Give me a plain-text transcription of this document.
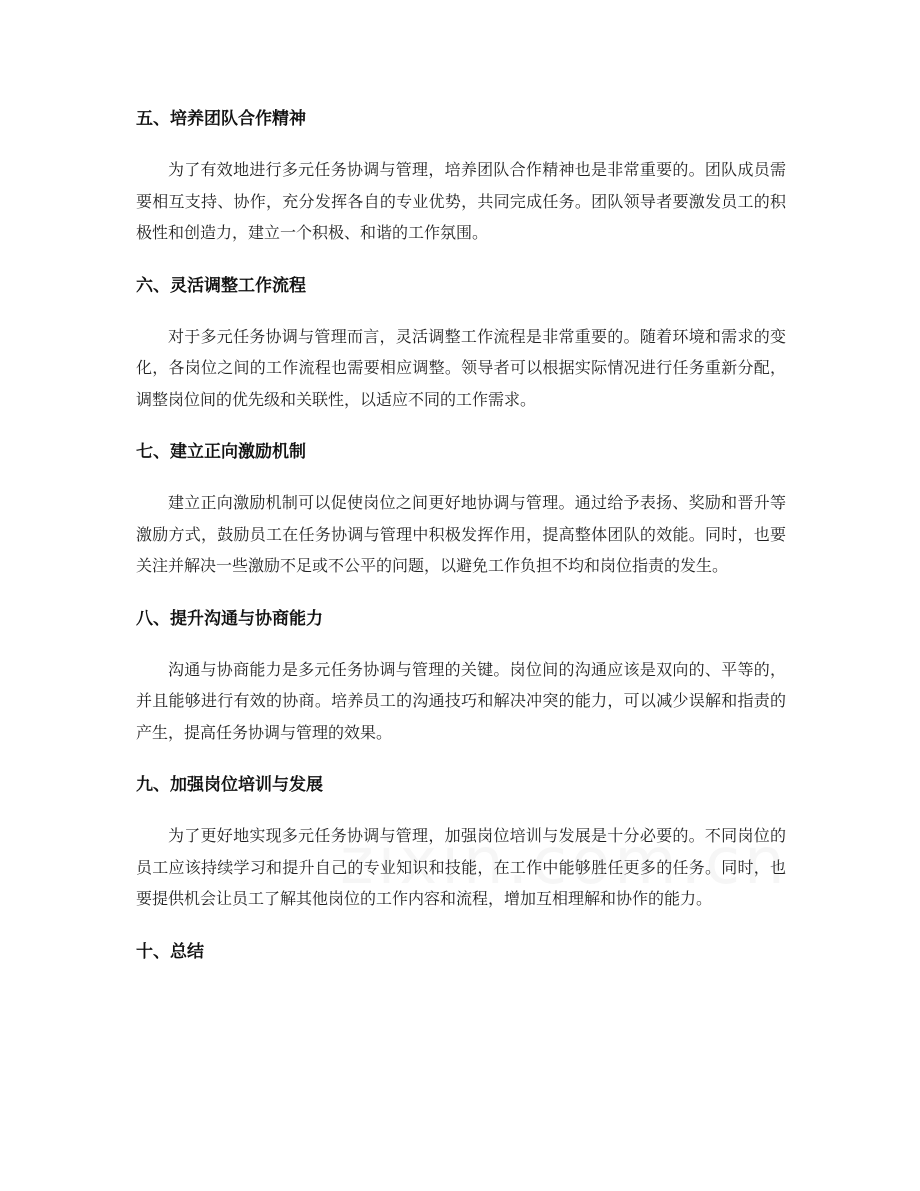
五、培养团队合作精神

为了有效地进行多元任务协调与管理，培养团队合作精神也是非常重要的。团队成员需要相互支持、协作，充分发挥各自的专业优势，共同完成任务。团队领导者要激发员工的积极性和创造力，建立一个积极、和谐的工作氛围。

六、灵活调整工作流程

对于多元任务协调与管理而言，灵活调整工作流程是非常重要的。随着环境和需求的变化，各岗位之间的工作流程也需要相应调整。领导者可以根据实际情况进行任务重新分配，调整岗位间的优先级和关联性，以适应不同的工作需求。

七、建立正向激励机制

建立正向激励机制可以促使岗位之间更好地协调与管理。通过给予表扬、奖励和晋升等激励方式，鼓励员工在任务协调与管理中积极发挥作用，提高整体团队的效能。同时，也要关注并解决一些激励不足或不公平的问题，以避免工作负担不均和岗位指责的发生。

八、提升沟通与协商能力

沟通与协商能力是多元任务协调与管理的关键。岗位间的沟通应该是双向的、平等的，并且能够进行有效的协商。培养员工的沟通技巧和解决冲突的能力，可以减少误解和指责的产生，提高任务协调与管理的效果。

九、加强岗位培训与发展

为了更好地实现多元任务协调与管理，加强岗位培训与发展是十分必要的。不同岗位的员工应该持续学习和提升自己的专业知识和技能，在工作中能够胜任更多的任务。同时，也要提供机会让员工了解其他岗位的工作内容和流程，增加互相理解和协作的能力。

十、总结
